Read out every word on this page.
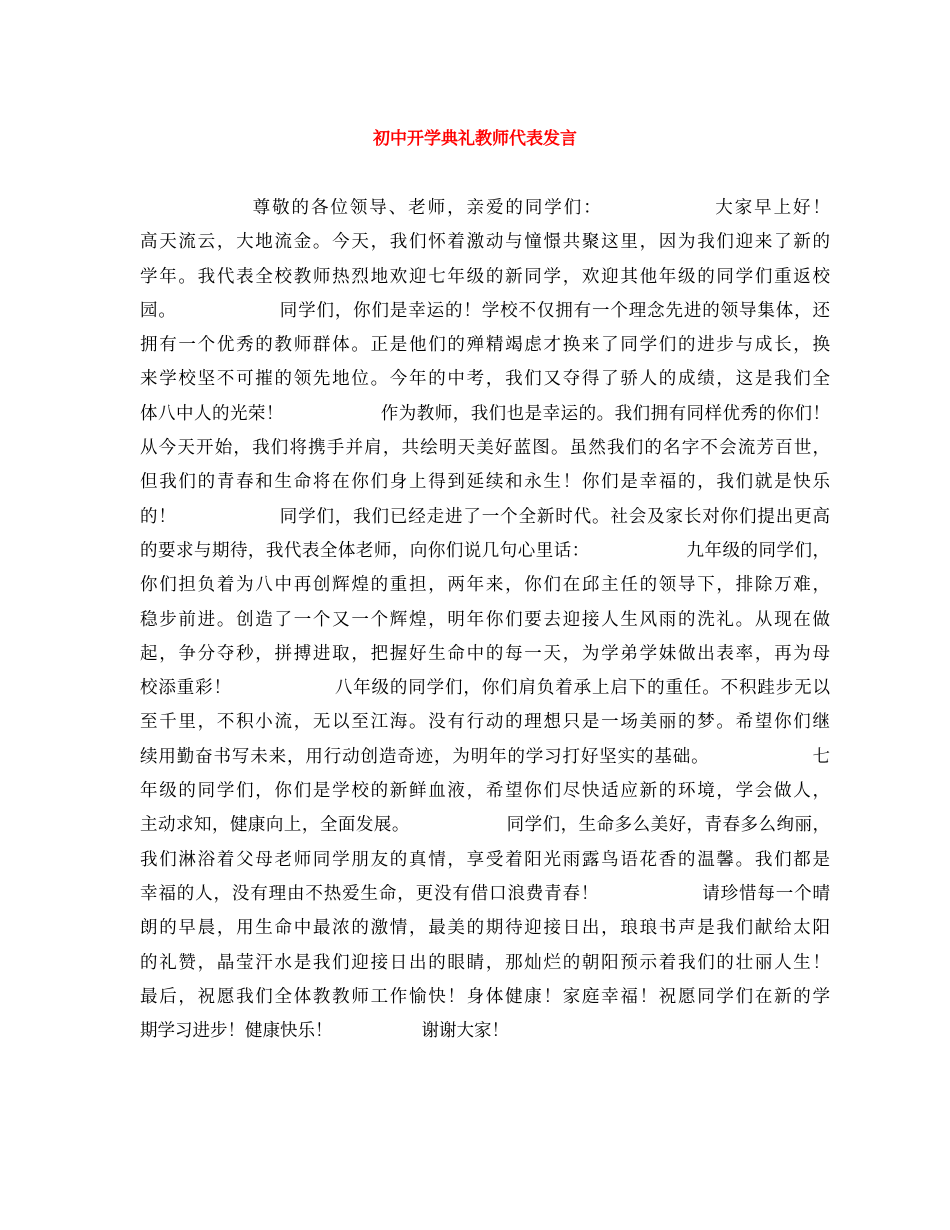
初中开学典礼教师代表发言
尊敬的各位领导、老师，亲爱的同学们：               大家早上好！
高天流云，大地流金。今天，我们怀着激动与憧憬共聚这里，因为我们迎来了新的
学年。我代表全校教师热烈地欢迎七年级的新同学，欢迎其他年级的同学们重返校
园。                同学们，你们是幸运的！学校不仅拥有一个理念先进的领导集体，还
拥有一个优秀的教师群体。正是他们的殚精竭虑才换来了同学们的进步与成长，换
来学校坚不可摧的领先地位。今年的中考，我们又夺得了骄人的成绩，这是我们全
体八中人的光荣！                作为教师，我们也是幸运的。我们拥有同样优秀的你们！
从今天开始，我们将携手并肩，共绘明天美好蓝图。虽然我们的名字不会流芳百世，
但我们的青春和生命将在你们身上得到延续和永生！你们是幸福的，我们就是快乐
的！                同学们，我们已经走进了一个全新时代。社会及家长对你们提出更高
的要求与期待，我代表全体老师，向你们说几句心里话：                九年级的同学们，
你们担负着为八中再创辉煌的重担，两年来，你们在邱主任的领导下，排除万难，
稳步前进。创造了一个又一个辉煌，明年你们要去迎接人生风雨的洗礼。从现在做
起，争分夺秒，拼搏进取，把握好生命中的每一天，为学弟学妹做出表率，再为母
校添重彩！                八年级的同学们，你们肩负着承上启下的重任。不积跬步无以
至千里，不积小流，无以至江海。没有行动的理想只是一场美丽的梦。希望你们继
续用勤奋书写未来，用行动创造奇迹，为明年的学习打好坚实的基础。                七
年级的同学们，你们是学校的新鲜血液，希望你们尽快适应新的环境，学会做人，
主动求知，健康向上，全面发展。                同学们，生命多么美好，青春多么绚丽，
我们淋浴着父母老师同学朋友的真情，享受着阳光雨露鸟语花香的温馨。我们都是
幸福的人，没有理由不热爱生命，更没有借口浪费青春！                请珍惜每一个晴
朗的早晨，用生命中最浓的激情，最美的期待迎接日出，琅琅书声是我们献给太阳
的礼赞，晶莹汗水是我们迎接日出的眼睛，那灿烂的朝阳预示着我们的壮丽人生！
最后，祝愿我们全体教教师工作愉快！身体健康！家庭幸福！祝愿同学们在新的学
期学习进步！健康快乐！                谢谢大家！
